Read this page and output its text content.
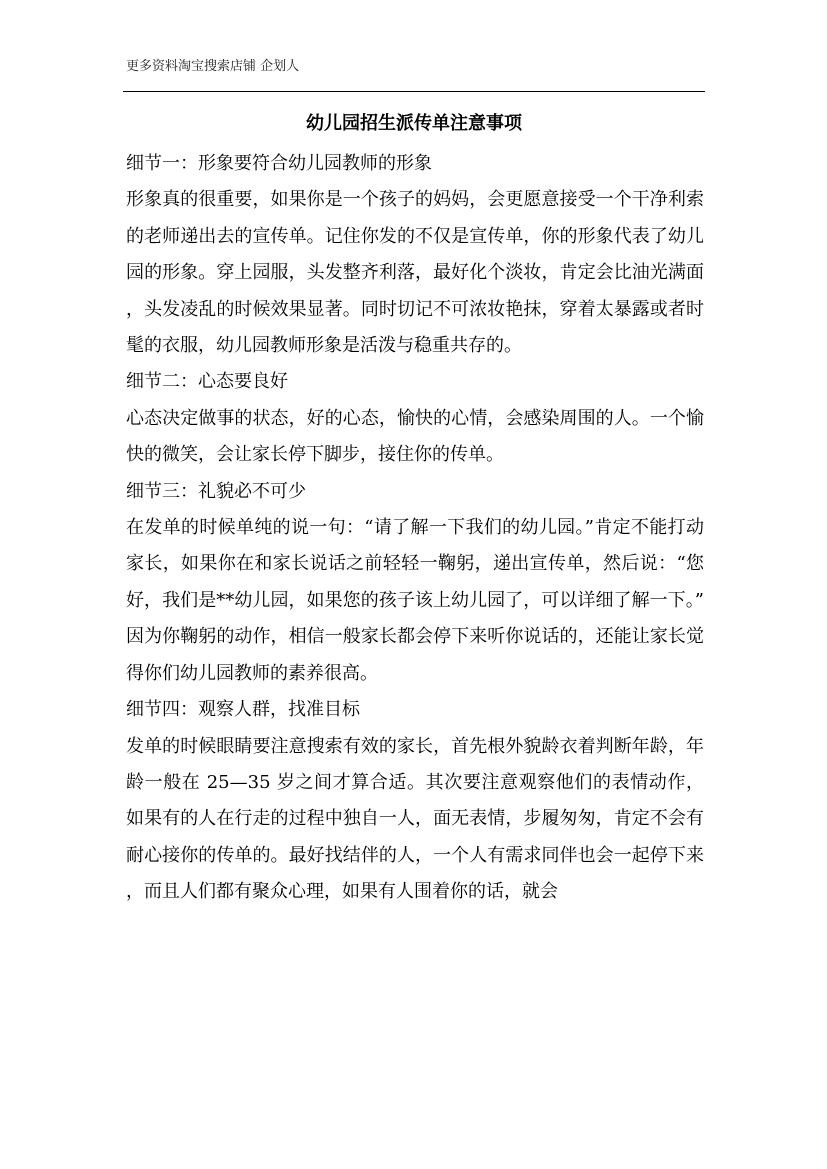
更多资料淘宝搜索店铺 企划人
幼儿园招生派传单注意事项

细节一：形象要符合幼儿园教师的形象

形象真的很重要，如果你是一个孩子的妈妈，会更愿意接受一个干净利索的老师递出去的宣传单。记住你发的不仅是宣传单，你的形象代表了幼儿园的形象。穿上园服，头发整齐利落，最好化个淡妆，肯定会比油光满面，头发凌乱的时候效果显著。同时切记不可浓妆艳抹，穿着太暴露或者时髦的衣服，幼儿园教师形象是活泼与稳重共存的。

细节二：心态要良好

心态决定做事的状态，好的心态，愉快的心情，会感染周围的人。一个愉快的微笑，会让家长停下脚步，接住你的传单。

细节三：礼貌必不可少

在发单的时候单纯的说一句：“请了解一下我们的幼儿园。”肯定不能打动家长，如果你在和家长说话之前轻轻一鞠躬，递出宣传单，然后说：“您好，我们是**幼儿园，如果您的孩子该上幼儿园了，可以详细了解一下。”因为你鞠躬的动作，相信一般家长都会停下来听你说话的，还能让家长觉得你们幼儿园教师的素养很高。

细节四：观察人群，找准目标

发单的时候眼睛要注意搜索有效的家长，首先根外貌龄衣着判断年龄，年龄一般在 25—35 岁之间才算合适。其次要注意观察他们的表情动作，如果有的人在行走的过程中独自一人，面无表情，步履匆匆，肯定不会有耐心接你的传单的。最好找结伴的人，一个人有需求同伴也会一起停下来，而且人们都有聚众心理，如果有人围着你的话，就会
